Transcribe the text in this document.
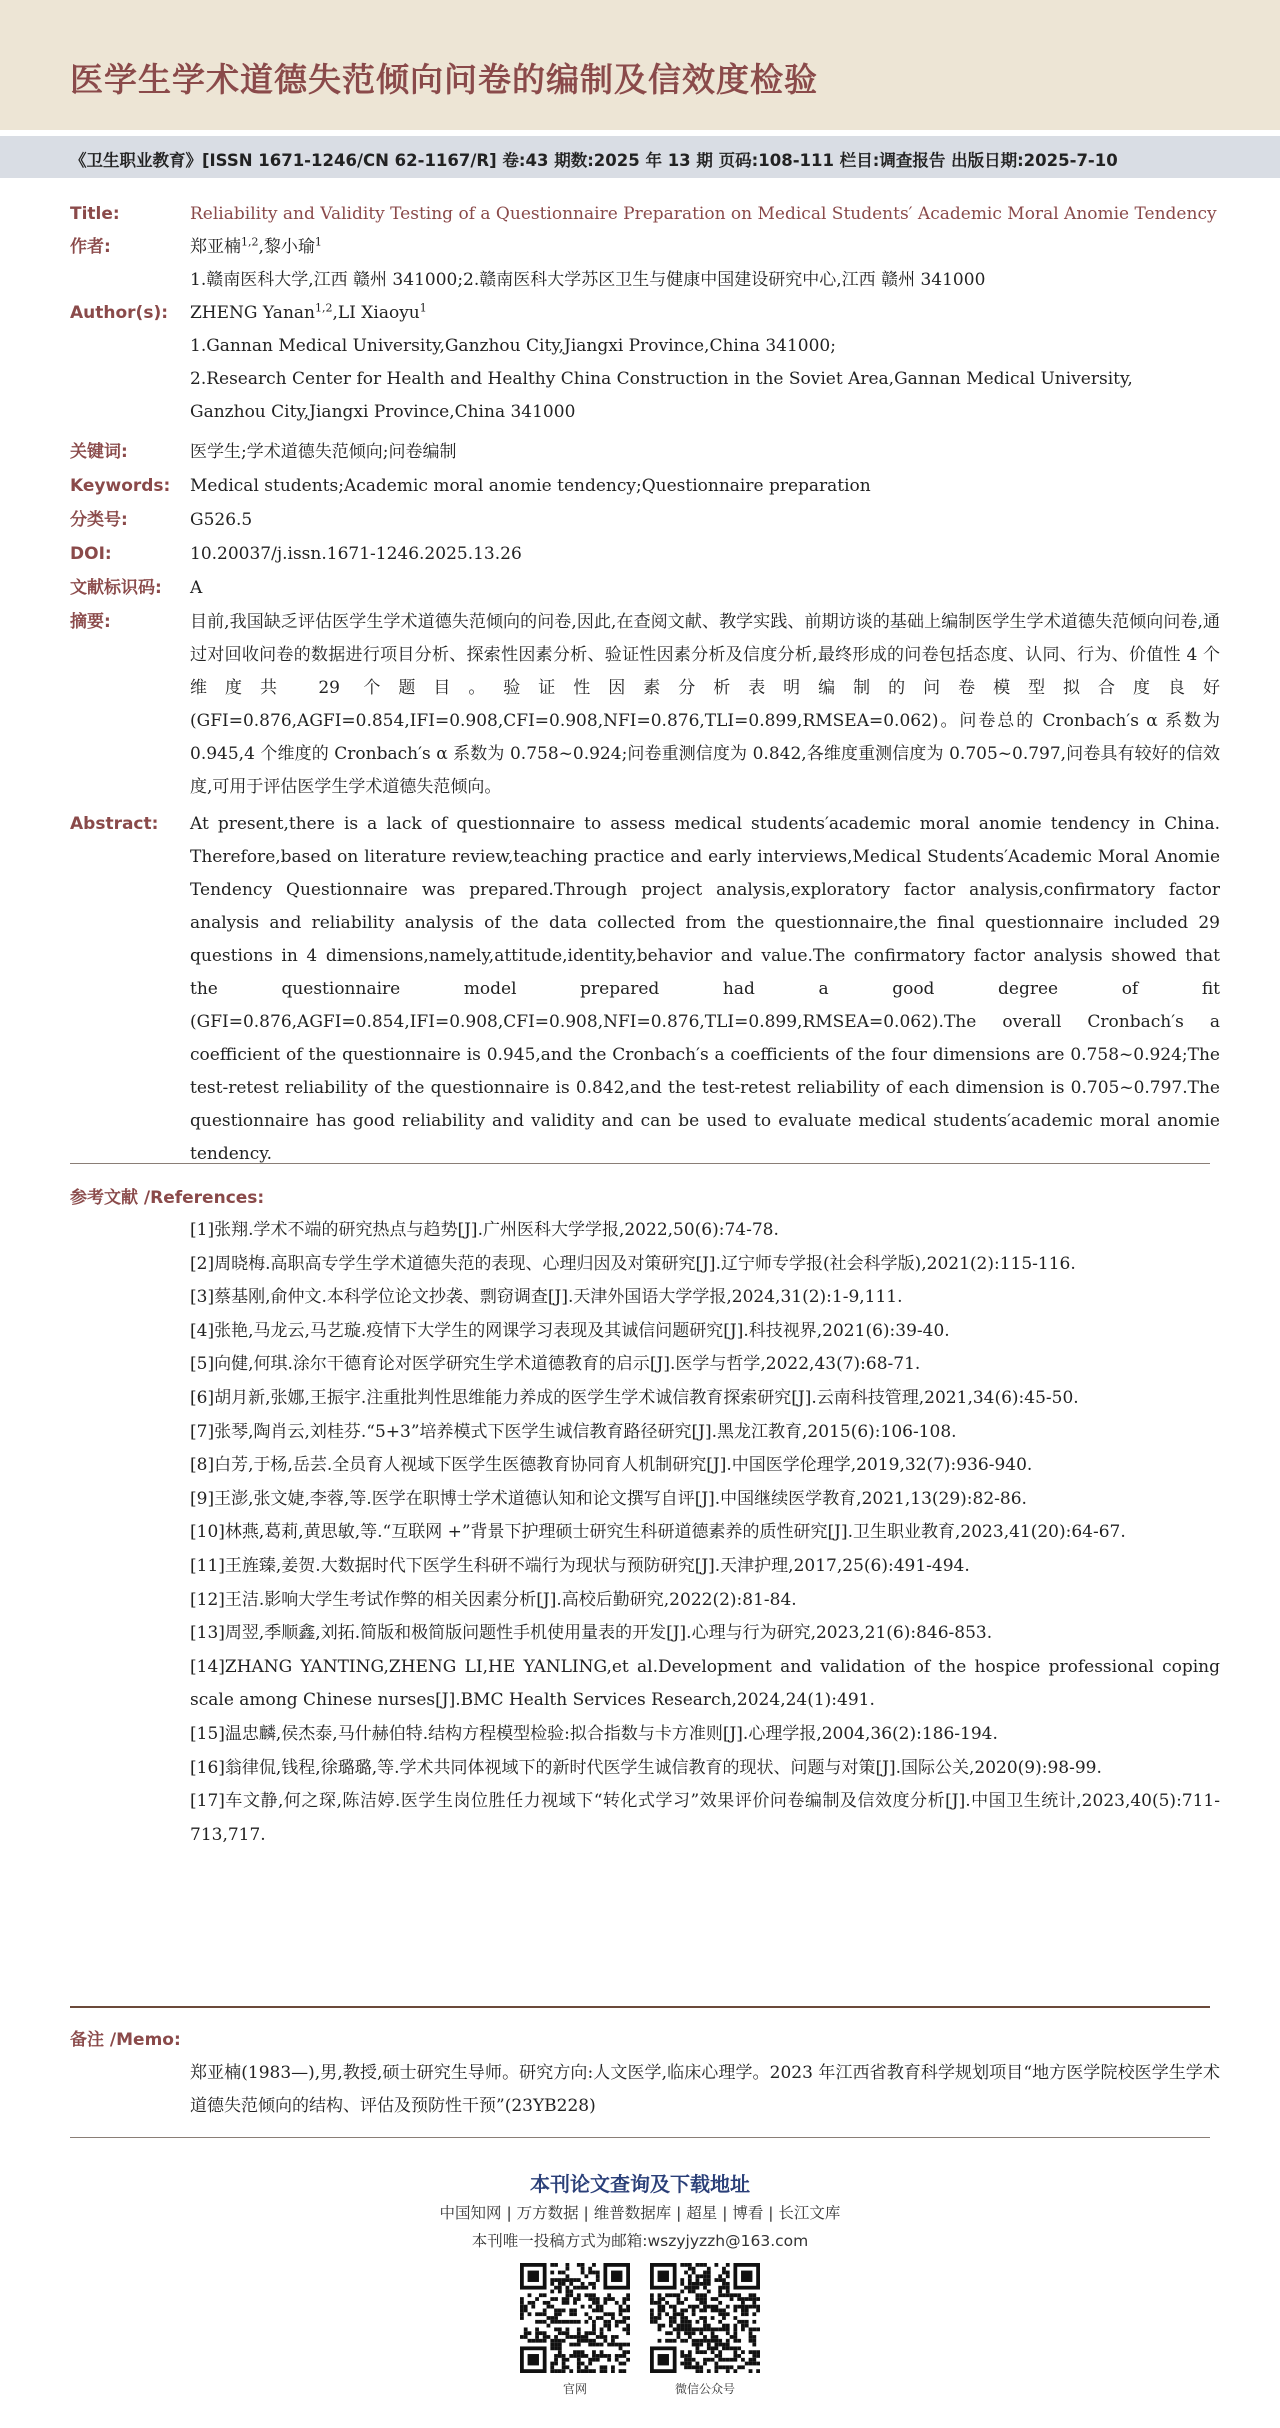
医学生学术道德失范倾向问卷的编制及信效度检验
《卫生职业教育》[ISSN 1671-1246/CN 62-1167/R] 卷:43 期数:2025 年 13 期 页码:108-111 栏目:调查报告 出版日期:2025-7-10
Title:	Reliability and Validity Testing of a Questionnaire Preparation on Medical Students′ Academic Moral Anomie Tendency
作者:	郑亚楠$^{1,2}$,黎小瑜$^1$
1.赣南医科大学,江西 赣州 341000;2.赣南医科大学苏区卫生与健康中国建设研究中心,江西 赣州 341000
Author(s):	ZHENG Yanan$^{1,2}$,LI Xiaoyu$^1$
1.Gannan Medical University,Ganzhou City,Jiangxi Province,China 341000;
2.Research Center for Health and Healthy China Construction in the Soviet Area,Gannan Medical University,
Ganzhou City,Jiangxi Province,China 341000
关键词:	医学生;学术道德失范倾向;问卷编制
Keywords:	Medical students;Academic moral anomie tendency;Questionnaire preparation
分类号:	G526.5
DOI:	10.20037/j.issn.1671-1246.2025.13.26
文献标识码:	A
摘要:	目前,我国缺乏评估医学生学术道德失范倾向的问卷,因此,在查阅文献、教学实践、前期访谈的基础上编制医学生学术道德失范倾向问卷,通过对回收问卷的数据进行项目分析、探索性因素分析、验证性因素分析及信度分析,最终形成的问卷包括态度、认同、行为、价值性 4 个维度共 29 个题目。验证性因素分析表明编制的问卷模型拟合度良好(GFI=0.876,AGFI=0.854,IFI=0.908,CFI=0.908,NFI=0.876,TLI=0.899,RMSEA=0.062)。问卷总的 Cronbach′s α 系数为 0.945,4 个维度的 Cronbach′s α 系数为 0.758~0.924;问卷重测信度为 0.842,各维度重测信度为 0.705~0.797,问卷具有较好的信效度,可用于评估医学生学术道德失范倾向。
Abstract:	At present,there is a lack of questionnaire to assess medical students′academic moral anomie tendency in China. Therefore,based on literature review,teaching practice and early interviews,Medical Students′Academic Moral Anomie Tendency Questionnaire was prepared.Through project analysis,exploratory factor analysis,confirmatory factor analysis and reliability analysis of the data collected from the questionnaire,the final questionnaire included 29 questions in 4 dimensions,namely,attitude,identity,behavior and value.The confirmatory factor analysis showed that the questionnaire model prepared had a good degree of fit (GFI=0.876,AGFI=0.854,IFI=0.908,CFI=0.908,NFI=0.876,TLI=0.899,RMSEA=0.062).The overall Cronbach′s a coefficient of the questionnaire is 0.945,and the Cronbach′s a coefficients of the four dimensions are 0.758~0.924;The test-retest reliability of the questionnaire is 0.842,and the test-retest reliability of each dimension is 0.705~0.797.The questionnaire has good reliability and validity and can be used to evaluate medical students′academic moral anomie tendency.
参考文献 /References:
[1]张翔.学术不端的研究热点与趋势[J].广州医科大学学报,2022,50(6):74-78.
[2]周晓梅.高职高专学生学术道德失范的表现、心理归因及对策研究[J].辽宁师专学报(社会科学版),2021(2):115-116.
[3]蔡基刚,俞仲文.本科学位论文抄袭、剽窃调查[J].天津外国语大学学报,2024,31(2):1-9,111.
[4]张艳,马龙云,马艺璇.疫情下大学生的网课学习表现及其诚信问题研究[J].科技视界,2021(6):39-40.
[5]向健,何琪.涂尔干德育论对医学研究生学术道德教育的启示[J].医学与哲学,2022,43(7):68-71.
[6]胡月新,张娜,王振宇.注重批判性思维能力养成的医学生学术诚信教育探索研究[J].云南科技管理,2021,34(6):45-50.
[7]张琴,陶肖云,刘桂芬.“5+3”培养模式下医学生诚信教育路径研究[J].黑龙江教育,2015(6):106-108.
[8]白芳,于杨,岳芸.全员育人视域下医学生医德教育协同育人机制研究[J].中国医学伦理学,2019,32(7):936-940.
[9]王澎,张文婕,李蓉,等.医学在职博士学术道德认知和论文撰写自评[J].中国继续医学教育,2021,13(29):82-86.
[10]林燕,葛莉,黄思敏,等.“互联网 +”背景下护理硕士研究生科研道德素养的质性研究[J].卫生职业教育,2023,41(20):64-67.
[11]王旌臻,姜贺.大数据时代下医学生科研不端行为现状与预防研究[J].天津护理,2017,25(6):491-494.
[12]王洁.影响大学生考试作弊的相关因素分析[J].高校后勤研究,2022(2):81-84.
[13]周翌,季顺鑫,刘拓.简版和极简版问题性手机使用量表的开发[J].心理与行为研究,2023,21(6):846-853.
[14]ZHANG YANTING,ZHENG LI,HE YANLING,et al.Development and validation of the hospice professional coping scale among Chinese nurses[J].BMC Health Services Research,2024,24(1):491.
[15]温忠麟,侯杰泰,马什赫伯特.结构方程模型检验:拟合指数与卡方准则[J].心理学报,2004,36(2):186-194.
[16]翁律侃,钱程,徐璐璐,等.学术共同体视域下的新时代医学生诚信教育的现状、问题与对策[J].国际公关,2020(9):98-99.
[17]车文静,何之琛,陈洁婷.医学生岗位胜任力视域下“转化式学习”效果评价问卷编制及信效度分析[J].中国卫生统计,2023,40(5):711-713,717.
备注 /Memo:
郑亚楠(1983—),男,教授,硕士研究生导师。研究方向:人文医学,临床心理学。2023 年江西省教育科学规划项目“地方医学院校医学生学术道德失范倾向的结构、评估及预防性干预”(23YB228)
本刊论文查询及下载地址
中国知网 | 万方数据 | 维普数据库 | 超星 | 博看 | 长江文库
本刊唯一投稿方式为邮箱:wszyjyzzh@163.com
官网	微信公众号
